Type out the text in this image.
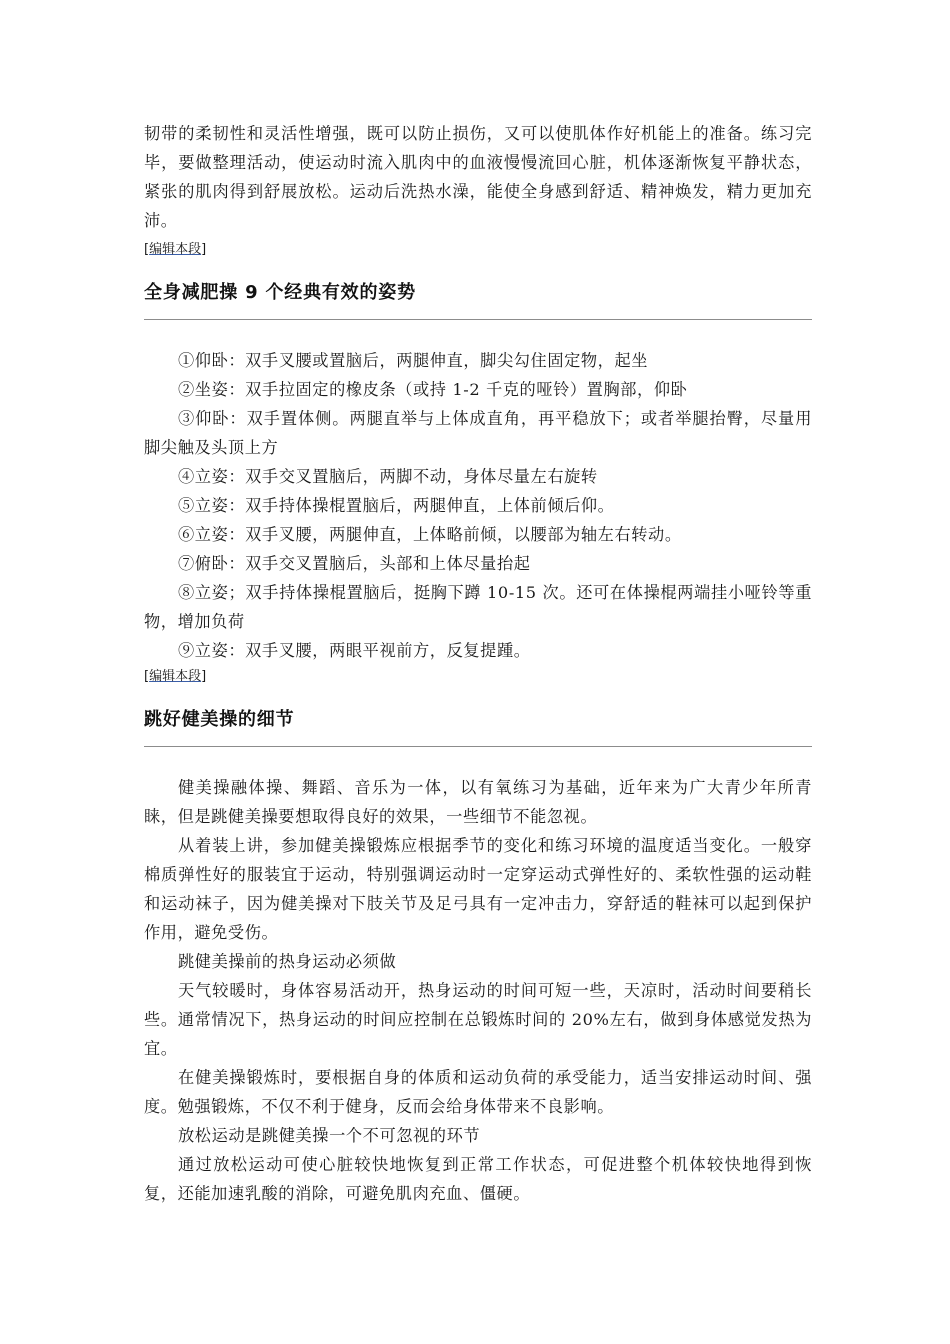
韧带的柔韧性和灵活性增强，既可以防止损伤，又可以使肌体作好机能上的准备。练习完毕，要做整理活动，使运动时流入肌肉中的血液慢慢流回心脏，机体逐渐恢复平静状态，紧张的肌肉得到舒展放松。运动后洗热水澡，能使全身感到舒适、精神焕发，精力更加充沛。

[编辑本段]
全身减肥操 9 个经典有效的姿势

①仰卧：双手叉腰或置脑后，两腿伸直，脚尖勾住固定物，起坐

②坐姿：双手拉固定的橡皮条（或持 1-2 千克的哑铃）置胸部，仰卧

③仰卧：双手置体侧。两腿直举与上体成直角，再平稳放下；或者举腿抬臀，尽量用脚尖触及头顶上方

④立姿：双手交叉置脑后，两脚不动，身体尽量左右旋转

⑤立姿：双手持体操棍置脑后，两腿伸直，上体前倾后仰。

⑥立姿：双手叉腰，两腿伸直，上体略前倾，以腰部为轴左右转动。

⑦俯卧：双手交叉置脑后，头部和上体尽量抬起

⑧立姿；双手持体操棍置脑后，挺胸下蹲 10-15 次。还可在体操棍两端挂小哑铃等重物，增加负荷

⑨立姿：双手叉腰，两眼平视前方，反复提踵。

[编辑本段]
跳好健美操的细节

健美操融体操、舞蹈、音乐为一体，以有氧练习为基础，近年来为广大青少年所青睐，但是跳健美操要想取得良好的效果，一些细节不能忽视。

从着装上讲，参加健美操锻炼应根据季节的变化和练习环境的温度适当变化。一般穿棉质弹性好的服装宜于运动，特别强调运动时一定穿运动式弹性好的、柔软性强的运动鞋和运动袜子，因为健美操对下肢关节及足弓具有一定冲击力，穿舒适的鞋袜可以起到保护作用，避免受伤。

跳健美操前的热身运动必须做

天气较暖时，身体容易活动开，热身运动的时间可短一些，天凉时，活动时间要稍长些。通常情况下，热身运动的时间应控制在总锻炼时间的 20%左右，做到身体感觉发热为宜。

在健美操锻炼时，要根据自身的体质和运动负荷的承受能力，适当安排运动时间、强度。勉强锻炼，不仅不利于健身，反而会给身体带来不良影响。

放松运动是跳健美操一个不可忽视的环节

通过放松运动可使心脏较快地恢复到正常工作状态，可促进整个机体较快地得到恢复，还能加速乳酸的消除，可避免肌肉充血、僵硬。
